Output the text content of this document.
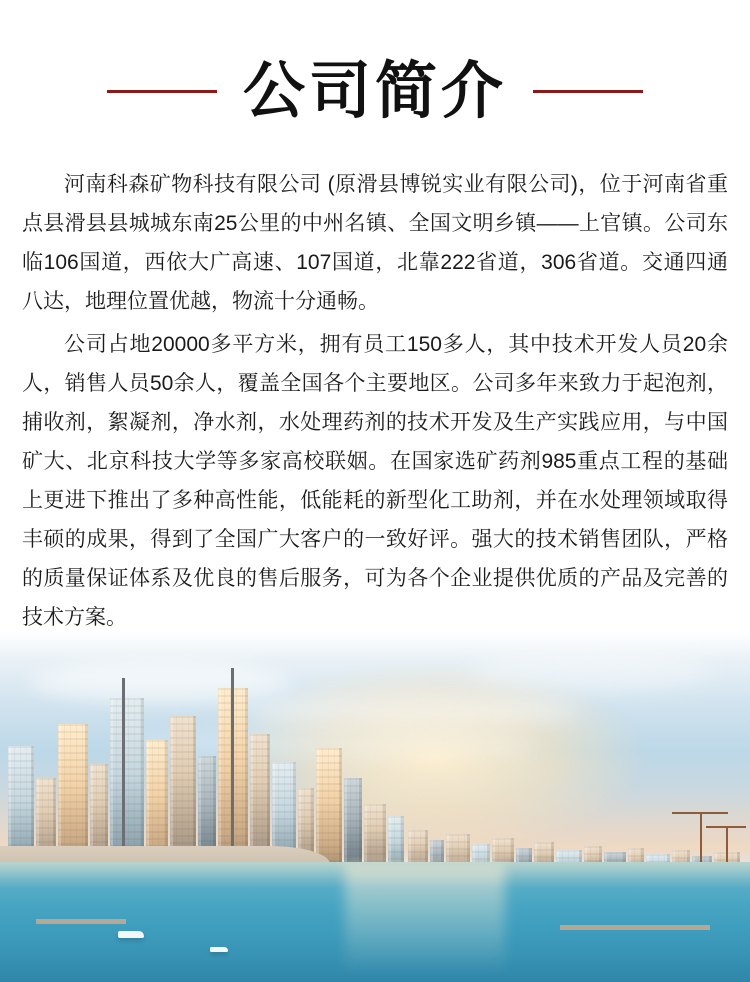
公司简介

河南科森矿物科技有限公司 (原滑县博锐实业有限公司)，位于河南省重点县滑县县城城东南25公里的中州名镇、全国文明乡镇——上官镇。公司东临106国道，西依大广高速、107国道，北靠222省道，306省道。交通四通八达，地理位置优越，物流十分通畅。

公司占地20000多平方米，拥有员工150多人，其中技术开发人员20余人，销售人员50余人，覆盖全国各个主要地区。公司多年来致力于起泡剂，捕收剂，絮凝剂，净水剂，水处理药剂的技术开发及生产实践应用，与中国矿大、北京科技大学等多家高校联姻。在国家选矿药剂985重点工程的基础上更进下推出了多种高性能，低能耗的新型化工助剂，并在水处理领域取得丰硕的成果，得到了全国广大客户的一致好评。强大的技术销售团队，严格的质量保证体系及优良的售后服务，可为各个企业提供优质的产品及完善的技术方案。
